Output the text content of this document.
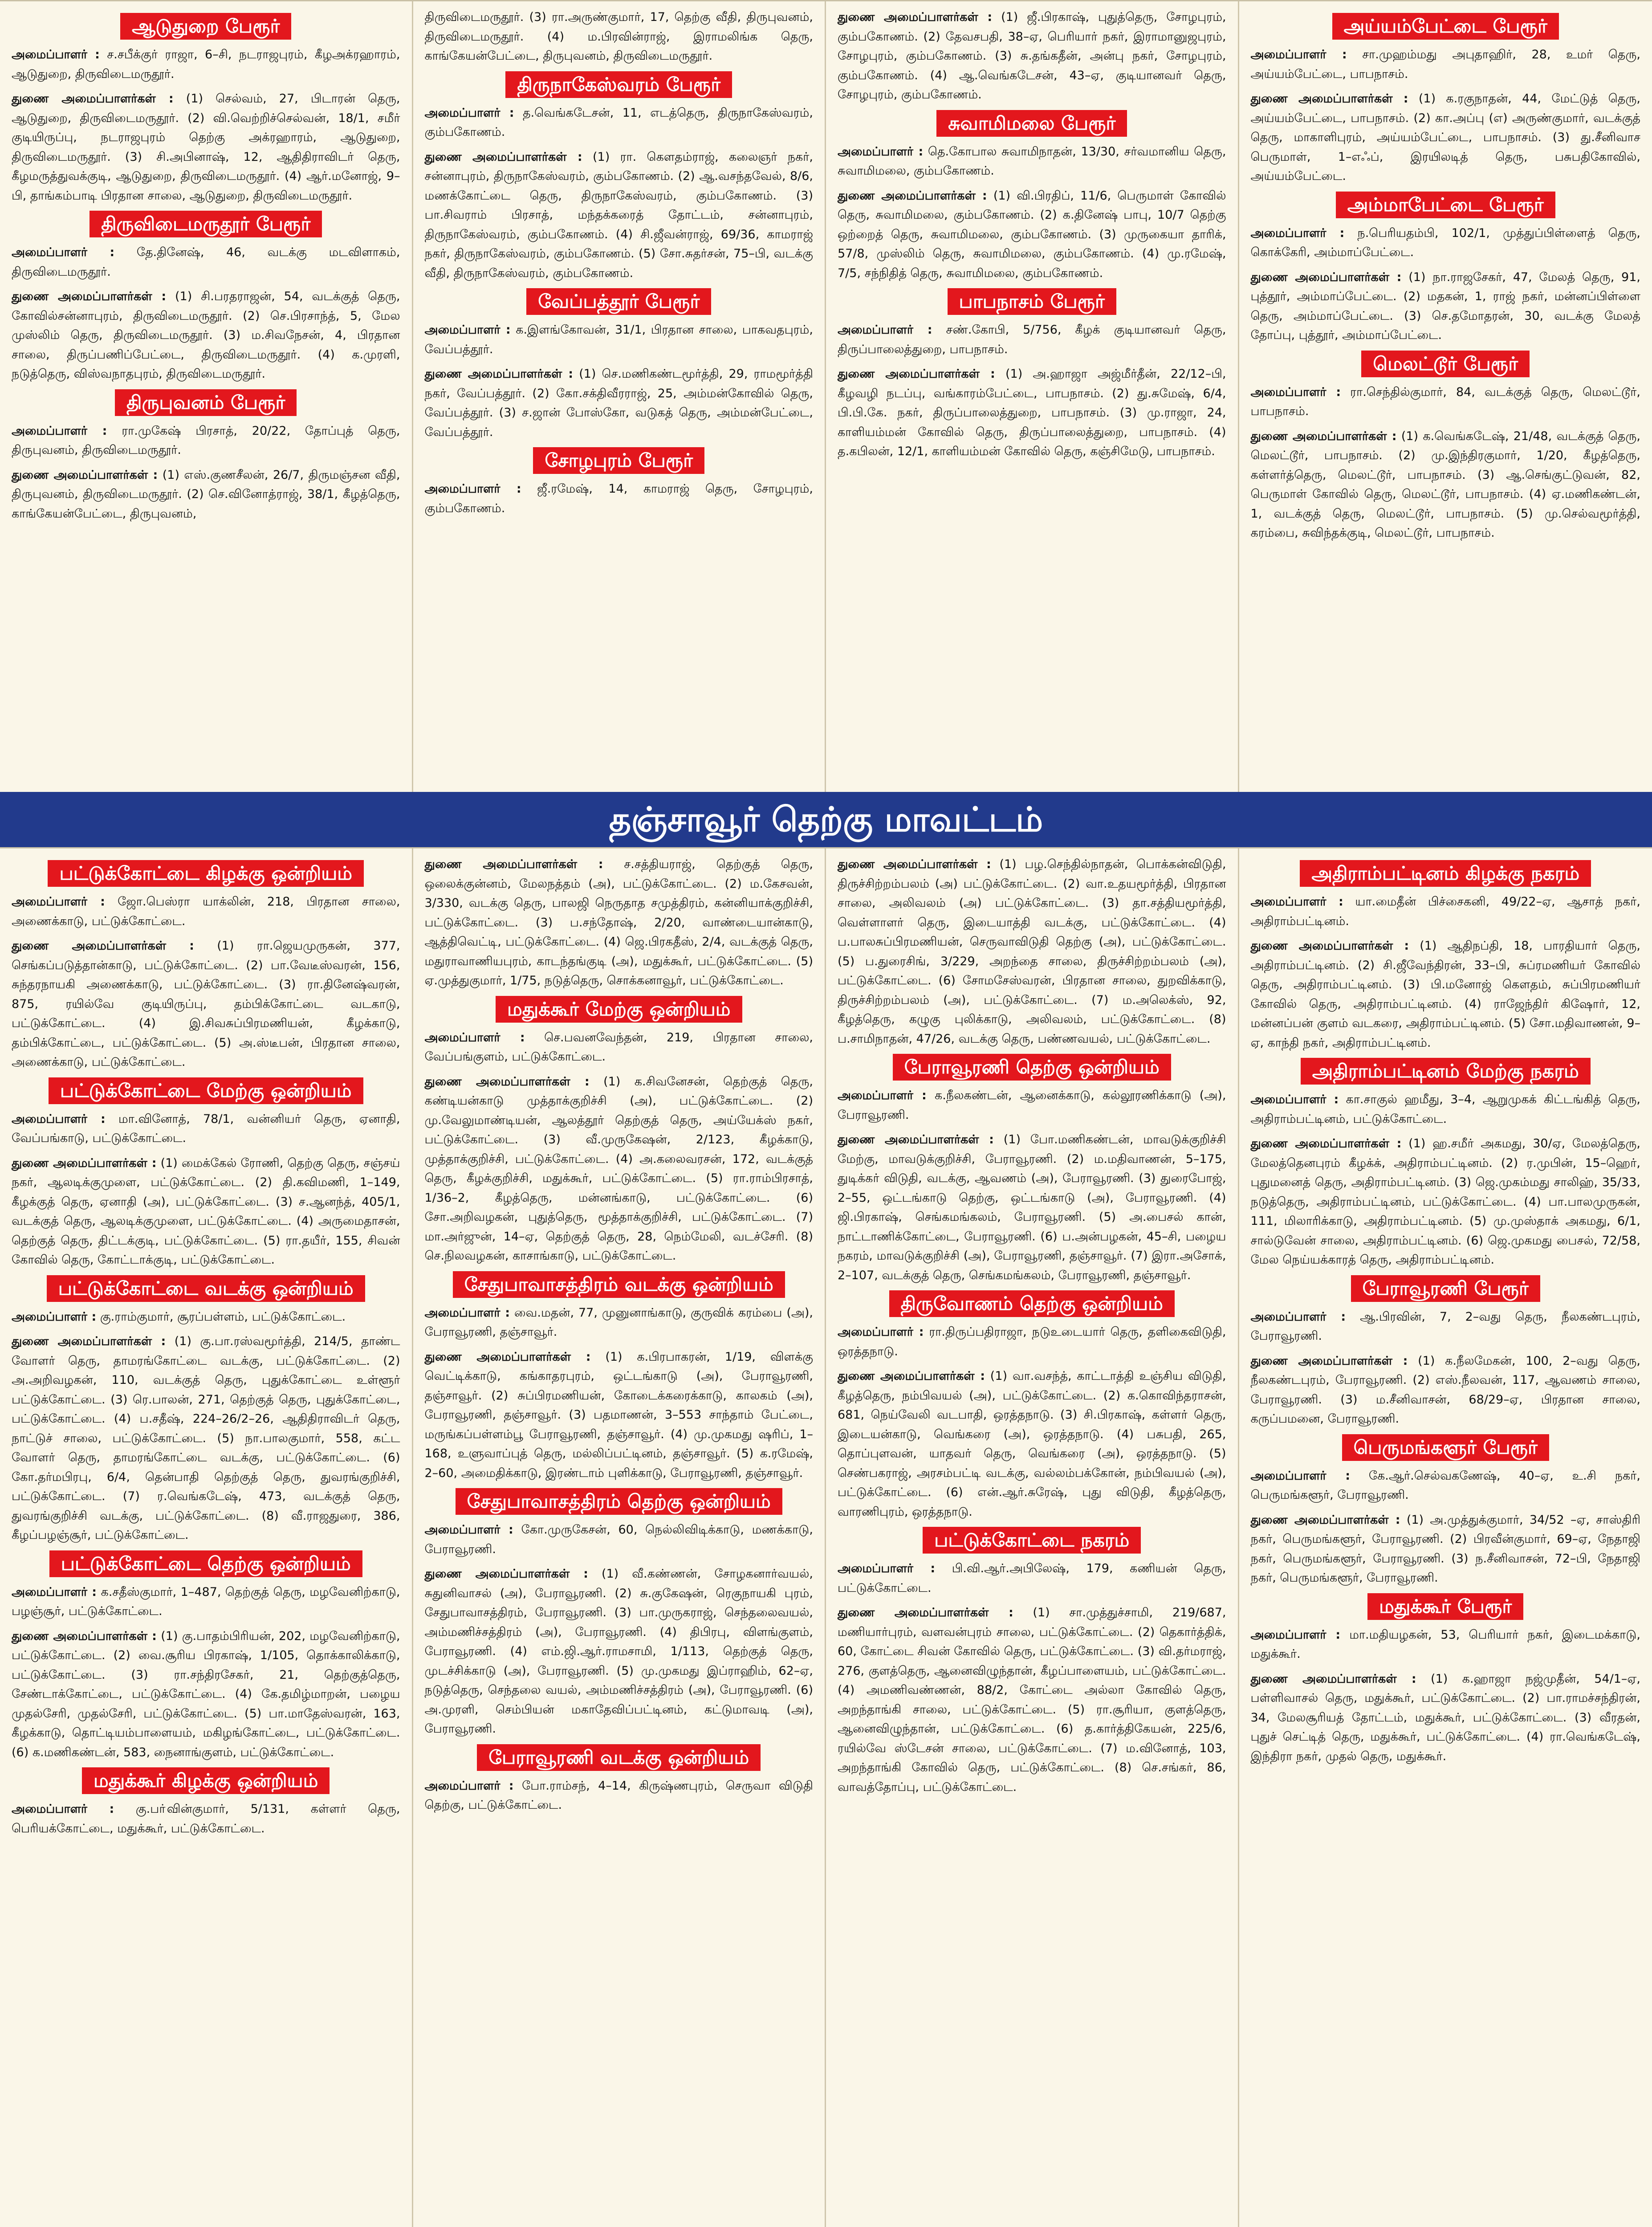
ஆடுதுறை பேரூர்
அமைப்பாளர் : ச.சபீக்குர் ராஜா, 6–சி, நடராஜபுரம், கீழஅக்ரஹாரம், ஆடுதுறை, திருவிடைமருதூர்.
துணை அமைப்பாளர்கள் : (1) செல்வம், 27, பிடாரன் தெரு, ஆடுதுறை, திருவிடைமருதூர். (2) வி.வெற்றிச்செல்வன், 18/1, சமீர் குடியிருப்பு, நடராஜபுரம் தெற்கு அக்ரஹாரம், ஆடுதுறை, திருவிடைமருதூர். (3) சி.அபினாஷ், 12, ஆதிதிராவிடர் தெரு, கீழமருத்துவக்குடி, ஆடுதுறை, திருவிடைமருதூர். (4) ஆர்.மனோஜ், 9–பி, தாங்கம்பாடி பிரதான சாலை, ஆடுதுறை, திருவிடைமருதூர்.
திருவிடைமருதூர் பேரூர்
அமைப்பாளர் : தே.தினேஷ், 46, வடக்கு மடவிளாகம், திருவிடைமருதூர்.
துணை அமைப்பாளர்கள் : (1) சி.பரதராஜன், 54, வடக்குத் தெரு, கோவில்சன்னாபுரம், திருவிடைமருதூர். (2) செ.பிரசாந்த், 5, மேல முஸ்லிம் தெரு, திருவிடைமருதூர். (3) ம.சிவநேசன், 4, பிரதான சாலை, திருப்பணிப்பேட்டை, திருவிடைமருதூர். (4) க.முரளி, நடுத்தெரு, விஸ்வநாதபுரம், திருவிடைமருதூர்.
திருபுவனம் பேரூர்
அமைப்பாளர் : ரா.முகேஷ் பிரசாத், 20/22, தோப்புத் தெரு, திருபுவனம், திருவிடைமருதூர்.
துணை அமைப்பாளர்கள் : (1) எஸ்.குணசீலன், 26/7, திருமஞ்சன வீதி, திருபுவனம், திருவிடைமருதூர். (2) செ.வினோத்ராஜ், 38/1, கீழத்தெரு, காங்கேயன்பேட்டை, திருபுவனம்,
திருவிடைமருதூர். (3) ரா.அருண்குமார், 17, தெற்கு வீதி, திருபுவனம், திருவிடைமருதூர். (4) ம.பிரவின்ராஜ், இராமலிங்க தெரு, காங்கேயன்பேட்டை, திருபுவனம், திருவிடைமருதூர்.
திருநாகேஸ்வரம் பேரூர்
அமைப்பாளர் : த.வெங்கடேசன், 11, எடத்தெரு, திருநாகேஸ்வரம், கும்பகோணம்.
துணை அமைப்பாளர்கள் : (1) ரா. கௌதம்ராஜ், கலைஞர் நகர், சன்னாபுரம், திருநாகேஸ்வரம், கும்பகோணம். (2) ஆ.வசந்தவேல், 8/6, மணக்கோட்டை தெரு, திருநாகேஸ்வரம், கும்பகோணம். (3) பா.சிவராம் பிரசாத், மந்தக்கரைத் தோட்டம், சன்னாபுரம், திருநாகேஸ்வரம், கும்பகோணம். (4) சி.ஜீவன்ராஜ், 69/36, காமராஜ் நகர், திருநாகேஸ்வரம், கும்பகோணம். (5) சோ.சுதர்சன், 75–பி, வடக்கு வீதி, திருநாகேஸ்வரம், கும்பகோணம்.
வேப்பத்தூர் பேரூர்
அமைப்பாளர் : க.இளங்கோவன், 31/1, பிரதான சாலை, பாகவதபுரம், வேப்பத்தூர்.
துணை அமைப்பாளர்கள் : (1) செ.மணிகண்டமூர்த்தி, 29, ராமமூர்த்தி நகர், வேப்பத்தூர். (2) கோ.சக்திவீரராஜ், 25, அம்மன்கோவில் தெரு, வேப்பத்தூர். (3) ச.ஜான் போஸ்கோ, வடுகத் தெரு, அம்மன்பேட்டை, வேப்பத்தூர்.
சோழபுரம் பேரூர்
அமைப்பாளர் : ஜீ.ரமேஷ், 14, காமராஜ் தெரு, சோழபுரம், கும்பகோணம்.
துணை அமைப்பாளர்கள் : (1) ஜீ.பிரகாஷ், புதுத்தெரு, சோழபுரம், கும்பகோணம். (2) தேவசபதி, 38–ஏ, பெரியார் நகர், இராமானுஜபுரம், சோழபுரம், கும்பகோணம். (3) சு.தங்கதீன், அன்பு நகர், சோழபுரம், கும்பகோணம். (4) ஆ.வெங்கடேசன், 43–ஏ, குடியானவர் தெரு, சோழபுரம், கும்பகோணம்.
சுவாமிமலை பேரூர்
அமைப்பாளர் : தெ.கோபால சுவாமிநாதன், 13/30, சர்வமானிய தெரு, சுவாமிமலை, கும்பகோணம்.
துணை அமைப்பாளர்கள் : (1) வி.பிரதிப், 11/6, பெருமாள் கோவில் தெரு, சுவாமிமலை, கும்பகோணம். (2) க.தினேஷ் பாபு, 10/7 தெற்கு ஒற்றைத் தெரு, சுவாமிமலை, கும்பகோணம். (3) முருகையா தாரிக், 57/8, முஸ்லிம் தெரு, சுவாமிமலை, கும்பகோணம். (4) மு.ரமேஷ், 7/5, சந்நிதித் தெரு, சுவாமிமலை, கும்பகோணம்.
பாபநாசம் பேரூர்
அமைப்பாளர் : சண்.கோபி, 5/756, கீழக் குடியானவர் தெரு, திருப்பாலைத்துறை, பாபநாசம்.
துணை அமைப்பாளர்கள் : (1) அ.ஹாஜா அஜ்மீர்தீன், 22/12–பி, கீழவழி நடப்பு, வங்காரம்பேட்டை, பாபநாசம். (2) து.சுமேஷ், 6/4, பி.பி.கே. நகர், திருப்பாலைத்துறை, பாபநாசம். (3) மு.ராஜா, 24, காளியம்மன் கோவில் தெரு, திருப்பாலைத்துறை, பாபநாசம். (4) த.கபிலன், 12/1, காளியம்மன் கோவில் தெரு, கஞ்சிமேடு, பாபநாசம்.
அய்யம்பேட்டை பேரூர்
அமைப்பாளர் : சா.முஹம்மது அபுதாஹிர், 28, உமர் தெரு, அய்யம்பேட்டை, பாபநாசம்.
துணை அமைப்பாளர்கள் : (1) க.ரகுநாதன், 44, மேட்டுத் தெரு, அய்யம்பேட்டை, பாபநாசம். (2) கா.அப்பு (எ) அருண்குமார், வடக்குத் தெரு, மாகாளிபுரம், அய்யம்பேட்டை, பாபநாசம். (3) து.சீனிவாச பெருமாள், 1–எஃப், இரயிலடித் தெரு, பசுபதிகோவில், அய்யம்பேட்டை.
அம்மாபேட்டை பேரூர்
அமைப்பாளர் : ந.பெரியதம்பி, 102/1, முத்துப்பிள்ளைத் தெரு, கொக்கேரி, அம்மாப்பேட்டை.
துணை அமைப்பாளர்கள் : (1) நா.ராஜசேகர், 47, மேலத் தெரு, 91, புத்தூர், அம்மாப்பேட்டை. (2) மதகன், 1, ராஜ் நகர், மன்னப்பிள்ளை தெரு, அம்மாப்பேட்டை. (3) செ.தமோதரன், 30, வடக்கு மேலத் தோப்பு, புத்தூர், அம்மாப்பேட்டை.
மெலட்டூர் பேரூர்
அமைப்பாளர் : ரா.செந்தில்குமார், 84, வடக்குத் தெரு, மெலட்டூர், பாபநாசம்.
துணை அமைப்பாளர்கள் : (1) க.வெங்கடேஷ், 21/48, வடக்குத் தெரு, மெலட்டூர், பாபநாசம். (2) மு.இந்திரகுமார், 1/20, கீழத்தெரு, கள்ளர்த்தெரு, மெலட்டூர், பாபநாசம். (3) ஆ.செங்குட்டுவன், 82, பெருமாள் கோவில் தெரு, மெலட்டூர், பாபநாசம். (4) ஏ.மணிகண்டன், 1, வடக்குத் தெரு, மெலட்டூர், பாபநாசம். (5) மு.செல்வமூர்த்தி, கரம்பை, சுவிந்தக்குடி, மெலட்டூர், பாபநாசம்.
தஞ்சாவூர் தெற்கு மாவட்டம்
பட்டுக்கோட்டை கிழக்கு ஒன்றியம்
அமைப்பாளர் : ஜோ.பெஸ்ரா யாக்லின், 218, பிரதான சாலை, அணைக்காடு, பட்டுக்கோட்டை.
துணை அமைப்பாளர்கள் : (1) ரா.ஜெயமுருகன், 377, செங்கப்படுத்தான்காடு, பட்டுக்கோட்டை. (2) பா.வேடீஸ்வரன், 156, சுந்தரநாயகி அணைக்காடு, பட்டுக்கோட்டை. (3) ரா.தினேஷ்வரன், 875, ரயில்வே குடியிருப்பு, தம்பிக்கோட்டை வடகாடு, பட்டுக்கோட்டை. (4) இ.சிவசுப்பிரமணியன், கீழக்காடு, தம்பிக்கோட்டை, பட்டுக்கோட்டை. (5) அ.ஸ்டீபன், பிரதான சாலை, அணைக்காடு, பட்டுக்கோட்டை.
பட்டுக்கோட்டை மேற்கு ஒன்றியம்
அமைப்பாளர் : மா.வினோத், 78/1, வன்னியர் தெரு, ஏனாதி, வேப்பங்காடு, பட்டுக்கோட்டை.
துணை அமைப்பாளர்கள் : (1) மைக்கேல் ரோணி, தெற்கு தெரு, சஞ்சய் நகர், ஆலடிக்குமுளை, பட்டுக்கோட்டை. (2) தி.கவிமணி, 1–149, கீழக்குத் தெரு, ஏனாதி (அ), பட்டுக்கோட்டை. (3) ச.ஆனந்த், 405/1, வடக்குத் தெரு, ஆலடிக்குமுளை, பட்டுக்கோட்டை. (4) அருமைதாசன், தெற்குத் தெரு, திட்டக்குடி, பட்டுக்கோட்டை. (5) ரா.தயீர், 155, சிவன் கோவில் தெரு, கோட்டாக்குடி, பட்டுக்கோட்டை.
பட்டுக்கோட்டை வடக்கு ஒன்றியம்
அமைப்பாளர் : கு.ராம்குமார், சூரப்பள்ளம், பட்டுக்கோட்டை.
துணை அமைப்பாளர்கள் : (1) கு.பா.ரஸ்வமூர்த்தி, 214/5, தாண்ட வோளர் தெரு, தாமரங்கோட்டை வடக்கு, பட்டுக்கோட்டை. (2) அ.அறிவழகன், 110, வடக்குத் தெரு, புதுக்கோட்டை உள்ளூர் பட்டுக்கோட்டை. (3) ரெ.பாலன், 271, தெற்குத் தெரு, புதுக்கோட்டை, பட்டுக்கோட்டை. (4) ப.சதீஷ், 224–26/2–26, ஆதிதிராவிடர் தெரு, நாட்டுச் சாலை, பட்டுக்கோட்டை. (5) நா.பாலகுமார், 558, கட்ட வோளர் தெரு, தாமரங்கோட்டை வடக்கு, பட்டுக்கோட்டை. (6) கோ.தர்மபிரபு, 6/4, தென்பாதி தெற்குத் தெரு, துவரங்குறிச்சி, பட்டுக்கோட்டை. (7) ர.வெங்கடேஷ், 473, வடக்குத் தெரு, துவரங்குறிச்சி வடக்கு, பட்டுக்கோட்டை. (8) வீ.ராஜதுரை, 386, கீழப்பழஞ்சூர், பட்டுக்கோட்டை.
பட்டுக்கோட்டை தெற்கு ஒன்றியம்
அமைப்பாளர் : க.சதீஸ்குமார், 1–487, தெற்குத் தெரு, மழவேனிற்காடு, பழஞ்சூர், பட்டுக்கோட்டை.
துணை அமைப்பாளர்கள் : (1) கு.பாதம்பிரியன், 202, மழவேனிற்காடு, பட்டுக்கோட்டை. (2) வை.சூரிய பிரகாஷ், 1/105, தொக்காலிக்காடு, பட்டுக்கோட்டை. (3) ரா.சந்திரசேகர், 21, தெற்குத்தெரு, சேண்டாக்கோட்டை, பட்டுக்கோட்டை. (4) கே.தமிழ்மாறன், பழைய முதல்சேரி, முதல்சேரி, பட்டுக்கோட்டை. (5) பா.மாதேஸ்வரன், 163, கீழக்காடு, தொட்டியம்பாளையம், மகிழங்கோட்டை, பட்டுக்கோட்டை. (6) க.மணிகண்டன், 583, நைனாங்குளம், பட்டுக்கோட்டை.
மதுக்கூர் கிழக்கு ஒன்றியம்
அமைப்பாளர் : கு.பா்வின்குமார், 5/131, கள்ளர் தெரு, பெரியக்கோட்டை, மதுக்கூர், பட்டுக்கோட்டை.
துணை அமைப்பாளர்கள் : ச.சத்தியராஜ், தெற்குத் தெரு, ஒலைக்குன்னம், மேலநத்தம் (அ), பட்டுக்கோட்டை. (2) ம.கேசவன், 3/330, வடக்கு தெரு, பாலஜி நெருதாத சமுத்திரம், கன்னியாக்குறிச்சி, பட்டுக்கோட்டை. (3) ப.சந்தோஷ், 2/20, வாண்டையான்காடு, ஆத்திவெட்டி, பட்டுக்கோட்டை. (4) ஜெ.பிரகதீஸ், 2/4, வடக்குத் தெரு, மதுராவாணியபுரம், காடந்தங்குடி (அ), மதுக்கூர், பட்டுக்கோட்டை. (5) ஏ.முத்துகுமார், 1/75, நடுத்தெரு, சொக்கனாவூர், பட்டுக்கோட்டை.
மதுக்கூர் மேற்கு ஒன்றியம்
அமைப்பாளர் : செ.பவனவேந்தன், 219, பிரதான சாலை, வேப்பங்குளம், பட்டுக்கோட்டை.
துணை அமைப்பாளர்கள் : (1) க.சிவனேசன், தெற்குத் தெரு, கண்டியன்காடு முத்தாக்குறிச்சி (அ), பட்டுக்கோட்டை. (2) மு.வேலுமாண்டியன், ஆலத்தூர் தெற்குத் தெரு, அய்யேக்ஸ் நகர், பட்டுக்கோட்டை. (3) வீ.முருகேஷன், 2/123, கீழக்காடு, முத்தாக்குறிச்சி, பட்டுக்கோட்டை. (4) அ.கலைவரசன், 172, வடக்குத் தெரு, கீழக்குறிச்சி, மதுக்கூர், பட்டுக்கோட்டை. (5) ரா.ராம்பிரசாத், 1/36–2, கீழத்தெரு, மன்னங்காடு, பட்டுக்கோட்டை. (6) சோ.அறிவழகன், புதுத்தெரு, மூத்தாக்குறிச்சி, பட்டுக்கோட்டை. (7) மா.அர்ஜுன், 14–ஏ, தெற்குத் தெரு, 28, நெம்மேலி, வடச்சேரி. (8) செ.நிலவழகன், காசாங்காடு, பட்டுக்கோட்டை.
சேதுபாவாசத்திரம் வடக்கு ஒன்றியம்
அமைப்பாளர் : வை.மதன், 77, முனுனாங்காடு, குருவிக் கரம்பை (அ), பேராவூரணி, தஞ்சாவூர்.
துணை அமைப்பாளர்கள் : (1) க.பிரபாகரன், 1/19, விளக்கு வெட்டிக்காடு, கங்காதரபுரம், ஒட்டங்காடு (அ), பேராவூரணி, தஞ்சாவூர். (2) சுப்பிரமணியன், கோடைக்கரைக்காடு, காலகம் (அ), பேராவூரணி, தஞ்சாவூர். (3) பதமாணன், 3–553 சாந்தாம் பேட்டை, மருங்கப்பள்ளம்பூ பேராவூரணி, தஞ்சாவூர். (4) மு.முகமது ஷரிப், 1–168, உளுவாப்புத் தெரு, மல்லிப்பட்டினம், தஞ்சாவூர். (5) க.ரமேஷ், 2–60, அமைதிக்காடு, இரண்டாம் புளிக்காடு, பேராவூரணி, தஞ்சாவூர்.
சேதுபாவாசத்திரம் தெற்கு ஒன்றியம்
அமைப்பாளர் : கோ.முருகேசன், 60, நெல்லிவிடிக்காடு, மணக்காடு, பேராவூரணி.
துணை அமைப்பாளர்கள் : (1) வீ.கண்ணன், சோழகனார்வயல், சுதுனிவாசல் (அ), பேராவூரணி. (2) சு.குகேஷன், ரெகுநாயகி புரம், சேதுபாவாசத்திரம், பேராவூரணி. (3) பா.முருகராஜ், செந்தலைவயல், அம்மணிச்சத்திரம் (அ), பேராவூரணி. (4) திபிரபு, விளங்குளம், பேராவூரணி. (4) எம்.ஜி.ஆர்.ராமசாமி, 1/113, தெற்குத் தெரு, முடச்சிக்காடு (அ), பேராவூரணி. (5) மு.முகமது இப்ராஹிம், 62–ஏ, நடுத்தெரு, செந்தலை வயல், அம்மணிச்சத்திரம் (அ), பேராவூரணி. (6) அ.முரளி, செம்பியன் மகாதேவிப்பட்டினம், கட்டுமாவடி (அ), பேராவூரணி.
பேராவூரணி வடக்கு ஒன்றியம்
அமைப்பாளர் : போ.ராம்சந், 4–14, கிருஷ்ணபுரம், செருவா விடுதி தெற்கு, பட்டுக்கோட்டை.
துணை அமைப்பாளர்கள் : (1) பழ.செந்தில்நாதன், பொக்கன்விடுதி, திருச்சிற்றம்பலம் (அ) பட்டுக்கோட்டை. (2) வா.உதயமூர்த்தி, பிரதான சாலை, அலிவலம் (அ) பட்டுக்கோட்டை. (3) தா.சத்தியமூர்த்தி, வெள்ளாளர் தெரு, இடையாத்தி வடக்கு, பட்டுக்கோட்டை. (4) ப.பாலசுப்பிரமணியன், செருவாவிடுதி தெற்கு (அ), பட்டுக்கோட்டை. (5) ப.துரைசிங், 3/229, அறந்தை சாலை, திருச்சிற்றம்பலம் (அ), பட்டுக்கோட்டை. (6) சோமசேஸ்வரன், பிரதான சாலை, துறவிக்காடு, திருச்சிற்றம்பலம் (அ), பட்டுக்கோட்டை. (7) ம.அலெக்ஸ், 92, கீழத்தெரு, கழுகு புலிக்காடு, அலிவலம், பட்டுக்கோட்டை. (8) ப.சாமிநாதன், 47/26, வடக்கு தெரு, பண்ணவயல், பட்டுக்கோட்டை.
பேராவூரணி தெற்கு ஒன்றியம்
அமைப்பாளர் : க.நீலகண்டன், ஆனைக்காடு, கல்லூரணிக்காடு (அ), பேராவூரணி.
துணை அமைப்பாளர்கள் : (1) போ.மணிகண்டன், மாவடுக்குறிச்சி மேற்கு, மாவடுக்குறிச்சி, பேராவூரணி. (2) ம.மதிவாணன், 5–175, துடிக்கர் விடுதி, வடக்கு, ஆவணம் (அ), பேராவூரணி. (3) துரைபோஜ், 2–55, ஒட்டங்காடு தெற்கு, ஒட்டங்காடு (அ), பேராவூரணி. (4) ஜி.பிரகாஷ், செங்கமங்கலம், பேராவூரணி. (5) அ.பைசல் கான், நாட்டாணிக்கோட்டை, பேராவூரணி. (6) ப.அன்பழகன், 45–சி, பழைய நகரம், மாவடுக்குறிச்சி (அ), பேராவூரணி, தஞ்சாவூர். (7) இரா.அசோக், 2–107, வடக்குத் தெரு, செங்கமங்கலம், பேராவூரணி, தஞ்சாவூர்.
திருவோணம் தெற்கு ஒன்றியம்
அமைப்பாளர் : ரா.திருப்பதிராஜா, நடுஉடையார் தெரு, தளிகைவிடுதி, ஒரத்தநாடு.
துணை அமைப்பாளர்கள் : (1) வா.வசந்த், காட்டாத்தி உஞ்சிய விடுதி, கீழத்தெரு, நம்பிவயல் (அ), பட்டுக்கோட்டை. (2) க.கொவிந்தராசன், 681, நெய்வேலி வடபாதி, ஒரத்தநாடு. (3) சி.பிரகாஷ், கள்ளர் தெரு, இடையன்காடு, வெங்கரை (அ), ஒரத்தநாடு. (4) பசுபதி, 265, தொப்புளவன், யாதவர் தெரு, வெங்கரை (அ), ஒரத்தநாடு. (5) செண்பகராஜ், அரசம்பட்டி வடக்கு, வல்லம்பக்கோன், நம்பிவயல் (அ), பட்டுக்கோட்டை. (6) என்.ஆர்.சுரேஷ், புது விடுதி, கீழத்தெரு, வாரணிபுரம், ஒரத்தநாடு.
பட்டுக்கோட்டை நகரம்
அமைப்பாளர் : பி.வி.ஆர்.அபிலேஷ், 179, கணியன் தெரு, பட்டுக்கோட்டை.
துணை அமைப்பாளர்கள் : (1) சா.முத்துச்சாமி, 219/687, மணியார்புரம், வளவன்புரம் சாலை, பட்டுக்கோட்டை. (2) தெகார்த்திக், 60, கோட்டை சிவன் கோவில் தெரு, பட்டுக்கோட்டை. (3) வி.தர்மராஜ், 276, குளத்தெரு, ஆனைவிழுந்தான், கீழப்பாளையம், பட்டுக்கோட்டை. (4) அமணிவண்ணன், 88/2, கோட்டை அல்லா கோவில் தெரு, அறந்தாங்கி சாலை, பட்டுக்கோட்டை. (5) ரா.சூரியா, குளத்தெரு, ஆனைவிழுந்தான், பட்டுக்கோட்டை. (6) த.கார்த்திகேயன், 225/6, ரயில்வே ஸ்டேசன் சாலை, பட்டுக்கோட்டை. (7) ம.வினோத், 103, அறந்தாங்கி கோவில் தெரு, பட்டுக்கோட்டை. (8) செ.சங்கர், 86, வாவத்தோப்பு, பட்டுக்கோட்டை.
அதிராம்பட்டினம் கிழக்கு நகரம்
அமைப்பாளர் : யா.மைதீன் பிச்சைகனி, 49/22–ஏ, ஆசாத் நகர், அதிராம்பட்டினம்.
துணை அமைப்பாளர்கள் : (1) ஆதிநப்தி, 18, பாரதியார் தெரு, அதிராம்பட்டினம். (2) சி.ஜீவேந்திரன், 33–பி, சுப்ரமணியர் கோவில் தெரு, அதிராம்பட்டினம். (3) பி.மனோஜ் கௌதம், சுப்பிரமணியர் கோவில் தெரு, அதிராம்பட்டினம். (4) ராஜேந்திர் கிஷோர், 12, மன்னப்பன் குளம் வடகரை, அதிராம்பட்டினம். (5) சோ.மதிவாணன், 9–ஏ, காந்தி நகர், அதிராம்பட்டினம்.
அதிராம்பட்டினம் மேற்கு நகரம்
அமைப்பாளர் : கா.சாகுல் ஹமீது, 3–4, ஆறுமுகக் கிட்டங்கித் தெரு, அதிராம்பட்டினம், பட்டுக்கோட்டை.
துணை அமைப்பாளர்கள் : (1) ஹ.சமீர் அகமது, 30/ஏ, மேலத்தெரு, மேலத்தெனபுரம் கீழக்க், அதிராம்பட்டினம். (2) ர.முபின், 15–ஹெர், புதுமனைத் தெரு, அதிராம்பட்டினம். (3) ஜெ.முகம்மது சாலிஹ், 35/33, நடுத்தெரு, அதிராம்பட்டினம், பட்டுக்கோட்டை. (4) பா.பாலமுருகன், 111, மிலாரிக்காடு, அதிராம்பட்டினம். (5) மு.முஸ்தாக் அகமது, 6/1, சால்டுவேன் சாலை, அதிராம்பட்டினம். (6) ஜெ.முகமது பைசல், 72/58, மேல நெய்யக்காரத் தெரு, அதிராம்பட்டினம்.
பேராவூரணி பேரூர்
அமைப்பாளர் : ஆ.பிரவின், 7, 2–வது தெரு, நீலகண்டபுரம், பேராவூரணி.
துணை அமைப்பாளர்கள் : (1) க.நீலமேகன், 100, 2–வது தெரு, நீலகண்டபுரம், பேராவூரணி. (2) எஸ்.நீலவன், 117, ஆவணம் சாலை, பேராவூரணி. (3) ம.சீனிவாசன், 68/29–ஏ, பிரதான சாலை, கருப்பமனை, பேராவூரணி.
பெருமங்களூர் பேரூர்
அமைப்பாளர் : கே.ஆர்.செல்வகணேஷ், 40–ஏ, உ.சி நகர், பெருமங்களூர், பேராவூரணி.
துணை அமைப்பாளர்கள் : (1) அ.முத்துக்குமார், 34/52 –ஏ, சாஸ்திரி நகர், பெருமங்களூர், பேராவூரணி. (2) பிரவீன்குமார், 69–ஏ, நேதாஜி நகர், பெருமங்களூர், பேராவூரணி. (3) ந.சீனிவாசன், 72–பி, நேதாஜி நகர், பெருமங்களூர், பேராவூரணி.
மதுக்கூர் பேரூர்
அமைப்பாளர் : மா.மதியழகன், 53, பெரியார் நகர், இடைமக்காடு, மதுக்கூர்.
துணை அமைப்பாளர்கள் : (1) க.ஹாஜா நஜ்முதீன், 54/1–ஏ, பள்ளிவாசல் தெரு, மதுக்கூர், பட்டுக்கோட்டை. (2) பா.ராமச்சந்திரன், 34, மேலசூரியத் தோட்டம், மதுக்கூர், பட்டுக்கோட்டை. (3) வீரதன், புதுச் செட்டித் தெரு, மதுக்கூர், பட்டுக்கோட்டை. (4) ரா.வெங்கடேஷ், இந்திரா நகர், முதல் தெரு, மதுக்கூர்.
